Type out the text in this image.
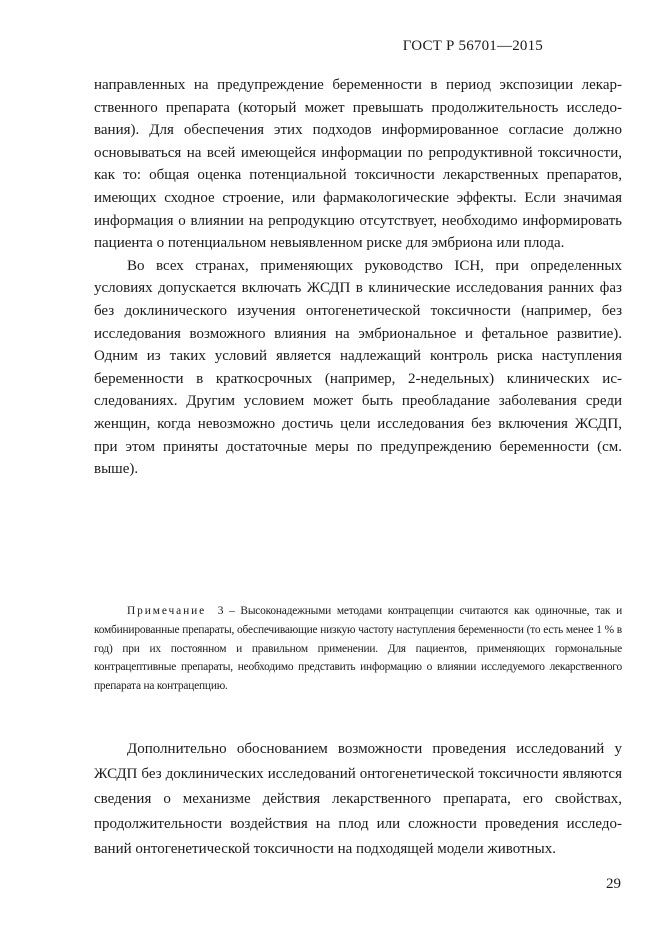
ГОСТ Р 56701—2015

направленных на предупреждение беременности в период экспозиции лекарственного препарата (который может превышать продолжительность исследования). Для обеспечения этих подходов информированное согласие должно основываться на всей имеющейся информации по репродуктивной токсичности, как то: общая оценка потенциальной токсичности лекарственных препаратов, имеющих сходное строение, или фармакологические эффекты. Если значимая информация о влиянии на репродукцию отсутствует, необходимо информировать пациента о потенциальном невыявленном риске для эмбриона или плода.

Во всех странах, применяющих руководство ICH, при определенных условиях допускается включать ЖСДП в клинические исследования ранних фаз без доклинического изучения онтогенетической токсичности (например, без исследования возможного влияния на эмбриональное и фетальное развитие). Одним из таких условий является надлежащий контроль риска наступления беременности в краткосрочных (например, 2-недельных) клинических исследованиях. Другим условием может быть преобладание заболевания среди женщин, когда невозможно достичь цели исследования без включения ЖСДП, при этом приняты достаточные меры по предупреждению беременности (см. выше).

Примечание 3 – Высоконадежными методами контрацепции считаются как одиночные, так и комбинированные препараты, обеспечивающие низкую частоту наступления беременности (то есть менее 1 % в год) при их постоянном и правильном применении. Для пациентов, применяющих гормональные контрацептивные препараты, необходимо представить информацию о влиянии исследуемого лекарственного препарата на контрацепцию.

Дополнительно обоснованием возможности проведения исследований у ЖСДП без доклинических исследований онтогенетической токсичности являются сведения о механизме действия лекарственного препарата, его свойствах, продолжительности воздействия на плод или сложности проведения исследований онтогенетической токсичности на подходящей модели животных.

29
